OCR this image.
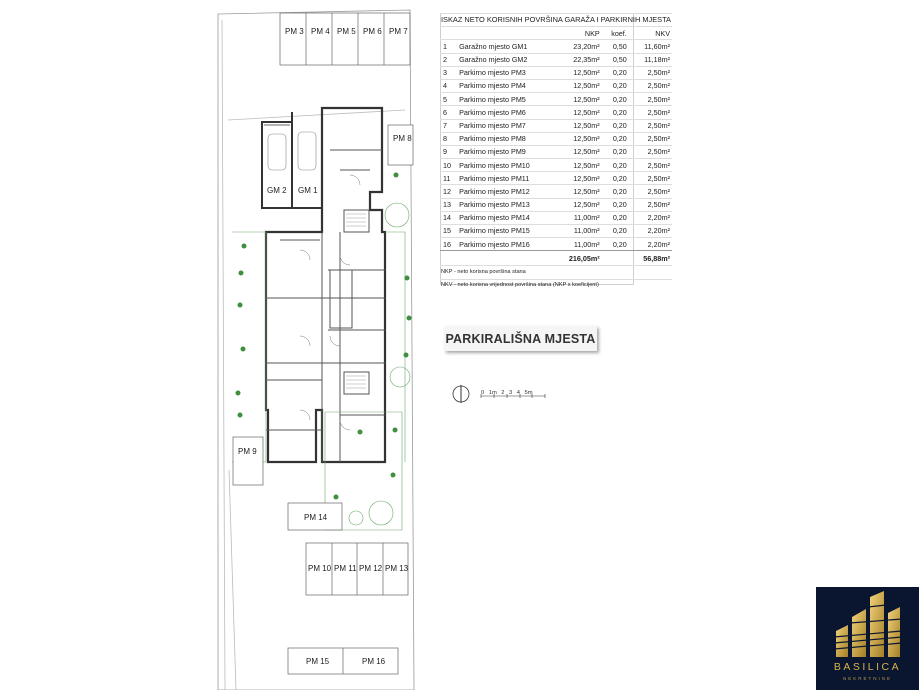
PM 3 PM 4 PM 5 PM 6 PM 7
PM 8
GM 2 GM 1
PM 9
PM 14
PM 10 PM 11 PM 12 PM 13
PM 15	PM 16
ISKAZ NETO KORISNIH POVRŠINA GARAŽA I PARKIRNIH MJESTA				
		NKP	koef.	NKV
1	Garažno mjesto GM1	23,20m²	0,50	11,60m²
2	Garažno mjesto GM2	22,35m²	0,50	11,18m²
3	Parkirno mjesto PM3	12,50m²	0,20	2,50m²
4	Parkirno mjesto PM4	12,50m²	0,20	2,50m²
5	Parkirno mjesto PM5	12,50m²	0,20	2,50m²
6	Parkirno mjesto PM6	12,50m²	0,20	2,50m²
7	Parkirno mjesto PM7	12,50m²	0,20	2,50m²
8	Parkirno mjesto PM8	12,50m²	0,20	2,50m²
9	Parkirno mjesto PM9	12,50m²	0,20	2,50m²
10	Parkirno mjesto PM10	12,50m²	0,20	2,50m²
11	Parkirno mjesto PM11	12,50m²	0,20	2,50m²
12	Parkirno mjesto PM12	12,50m²	0,20	2,50m²
13	Parkirno mjesto PM13	12,50m²	0,20	2,50m²
14	Parkirno mjesto PM14	11,00m²	0,20	2,20m²
15	Parkirno mjesto PM15	11,00m²	0,20	2,20m²
16	Parkirno mjesto PM16	11,00m²	0,20	2,20m²
		216,05m²		56,88m²
NKP - neto korisna površina stana				
NKV - neto korisna vrijednost površina stana (NKP x koeficijent)				
PARKIRALIŠNA MJESTA
0 1m 2 3 4 5m
BASILICA
NEKRETNINE
